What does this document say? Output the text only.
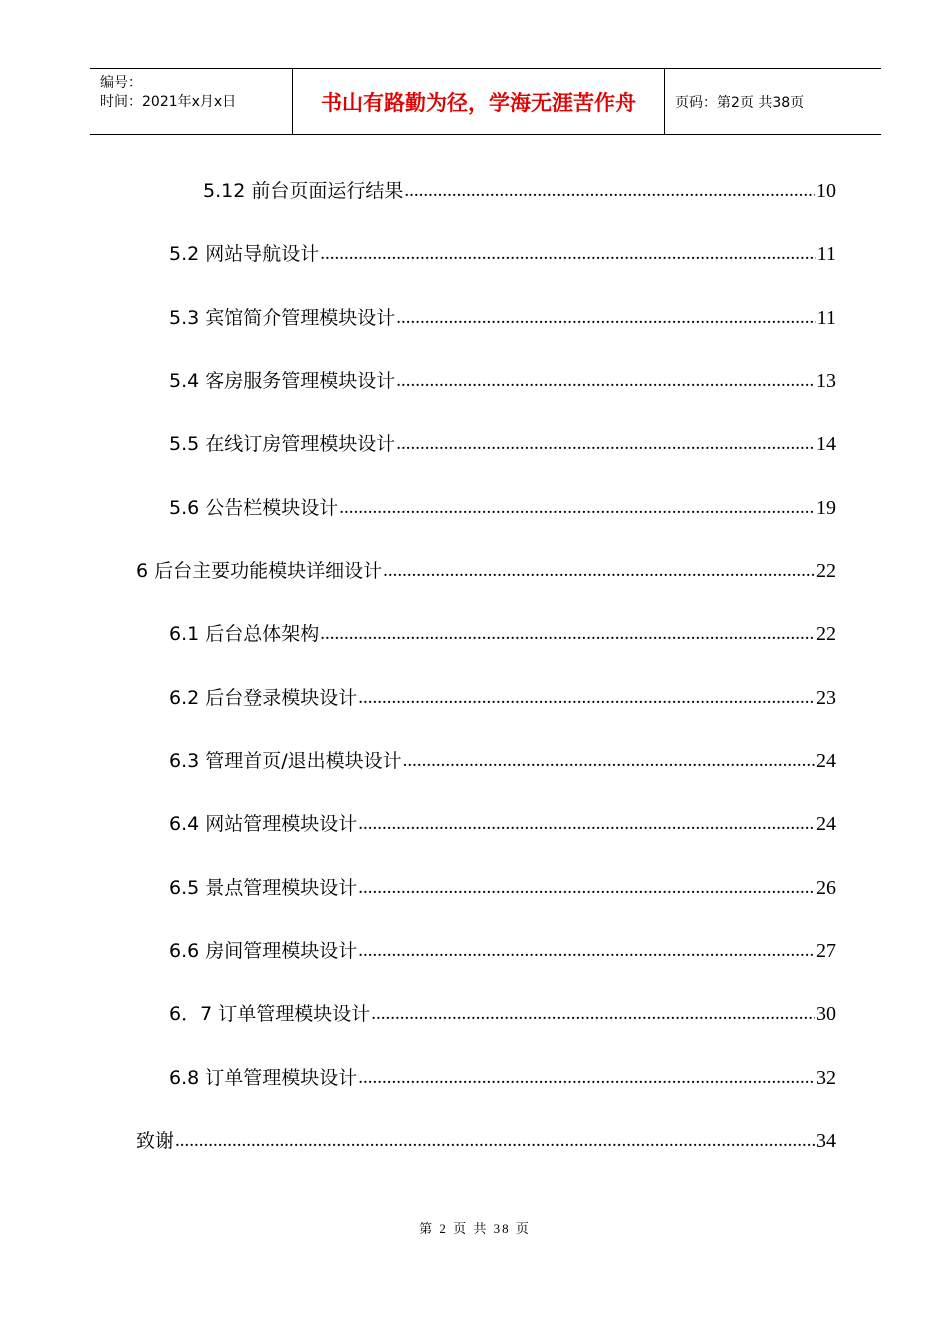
编号：
时间：2021年x月x日	书山有路勤为径，学海无涯苦作舟	页码：第2页 共38页
5.12 前台页面运行结果 .....	10
5.2 网站导航设计 .....	11
5.3 宾馆简介管理模块设计 .....	11
5.4 客房服务管理模块设计 .....	13
5.5 在线订房管理模块设计 .....	14
5.6 公告栏模块设计 .....	19
6 后台主要功能模块详细设计 .....	22
6.1 后台总体架构 .....	22
6.2 后台登录模块设计 .....	23
6.3 管理首页/退出模块设计 .....	24
6.4 网站管理模块设计 .....	24
6.5 景点管理模块设计 .....	26
6.6 房间管理模块设计 .....	27
6．7 订单管理模块设计 .....	30
6.8 订单管理模块设计 .....	32
致谢 .....	34
第 2 页 共 38 页
